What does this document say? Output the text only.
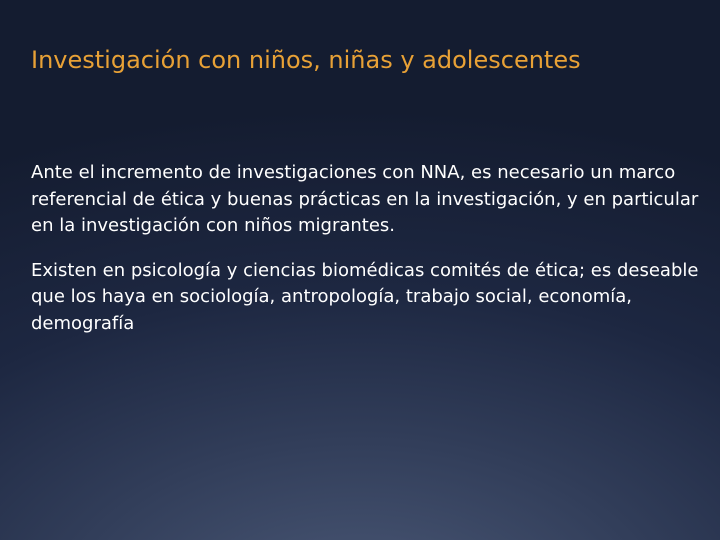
Investigación con niños, niñas y adolescentes

Ante el incremento de investigaciones con NNA, es necesario un marco referencial de ética y buenas prácticas en la investigación, y en particular en la investigación con niños migrantes.

Existen en psicología y ciencias biomédicas comités de ética; es deseable que los haya en sociología, antropología, trabajo social, economía, demografía
